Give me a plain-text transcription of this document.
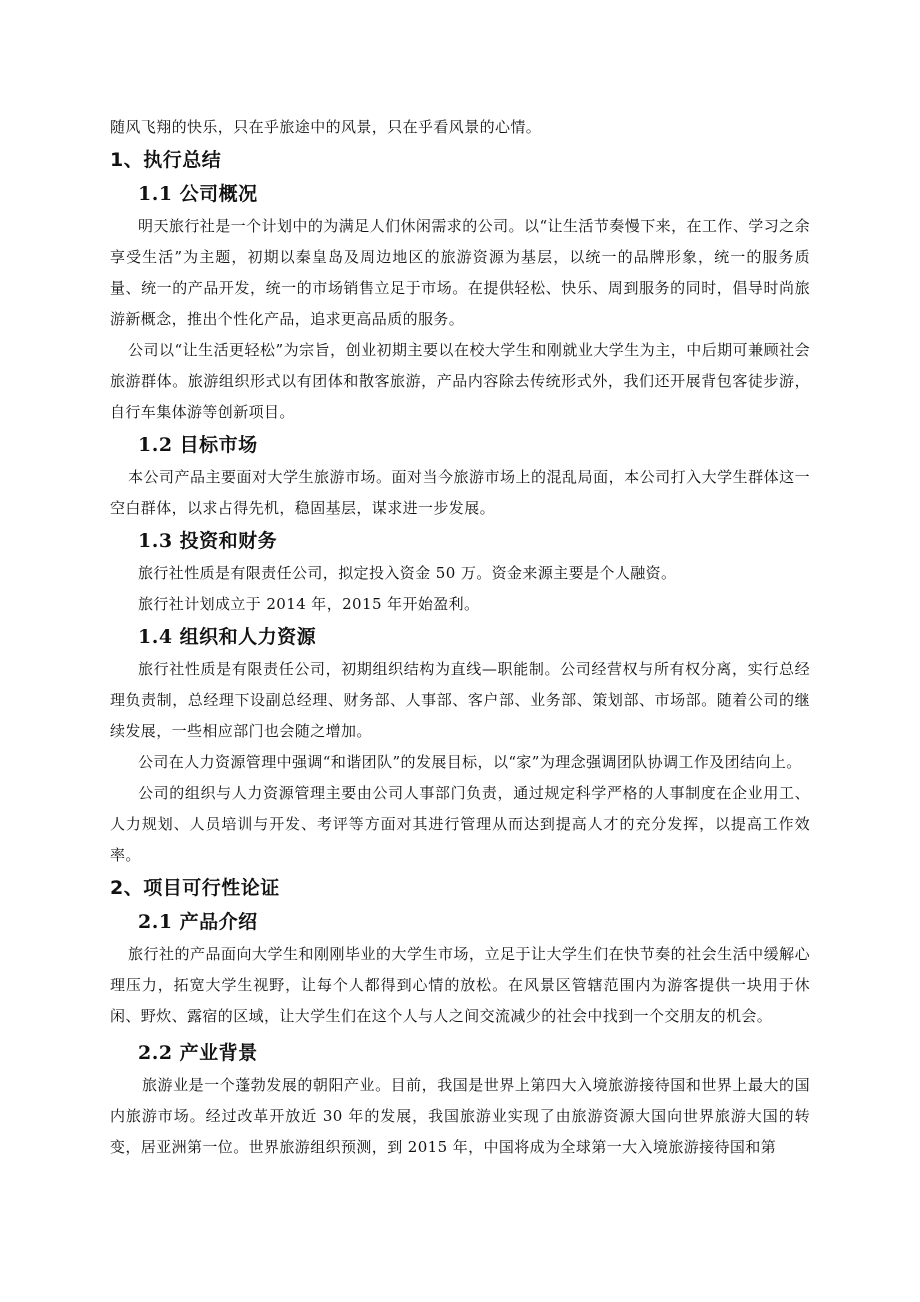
随风飞翔的快乐，只在乎旅途中的风景，只在乎看风景的心情。

1、执行总结
1.1 公司概况

明天旅行社是一个计划中的为满足人们休闲需求的公司。以“让生活节奏慢下来，在工作、学习之余享受生活”为主题，初期以秦皇岛及周边地区的旅游资源为基层，以统一的品牌形象，统一的服务质量、统一的产品开发，统一的市场销售立足于市场。在提供轻松、快乐、周到服务的同时，倡导时尚旅游新概念，推出个性化产品，追求更高品质的服务。

公司以“让生活更轻松”为宗旨，创业初期主要以在校大学生和刚就业大学生为主，中后期可兼顾社会旅游群体。旅游组织形式以有团体和散客旅游，产品内容除去传统形式外，我们还开展背包客徒步游，自行车集体游等创新项目。

1.2 目标市场

本公司产品主要面对大学生旅游市场。面对当今旅游市场上的混乱局面，本公司打入大学生群体这一空白群体，以求占得先机，稳固基层，谋求进一步发展。

1.3 投资和财务

旅行社性质是有限责任公司，拟定投入资金 50 万。资金来源主要是个人融资。

旅行社计划成立于 2014 年，2015 年开始盈利。

1.4 组织和人力资源

旅行社性质是有限责任公司，初期组织结构为直线—职能制。公司经营权与所有权分离，实行总经理负责制，总经理下设副总经理、财务部、人事部、客户部、业务部、策划部、市场部。随着公司的继续发展，一些相应部门也会随之增加。

公司在人力资源管理中强调“和谐团队”的发展目标，以“家”为理念强调团队协调工作及团结向上。

公司的组织与人力资源管理主要由公司人事部门负责，通过规定科学严格的人事制度在企业用工、人力规划、人员培训与开发、考评等方面对其进行管理从而达到提高人才的充分发挥，以提高工作效率。

2、项目可行性论证
2.1 产品介绍

旅行社的产品面向大学生和刚刚毕业的大学生市场，立足于让大学生们在快节奏的社会生活中缓解心理压力，拓宽大学生视野，让每个人都得到心情的放松。在风景区管辖范围内为游客提供一块用于休闲、野炊、露宿的区域，让大学生们在这个人与人之间交流减少的社会中找到一个交朋友的机会。

2.2 产业背景

旅游业是一个蓬勃发展的朝阳产业。目前，我国是世界上第四大入境旅游接待国和世界上最大的国内旅游市场。经过改革开放近 30 年的发展，我国旅游业实现了由旅游资源大国向世界旅游大国的转变，居亚洲第一位。世界旅游组织预测，到 2015 年，中国将成为全球第一大入境旅游接待国和第
